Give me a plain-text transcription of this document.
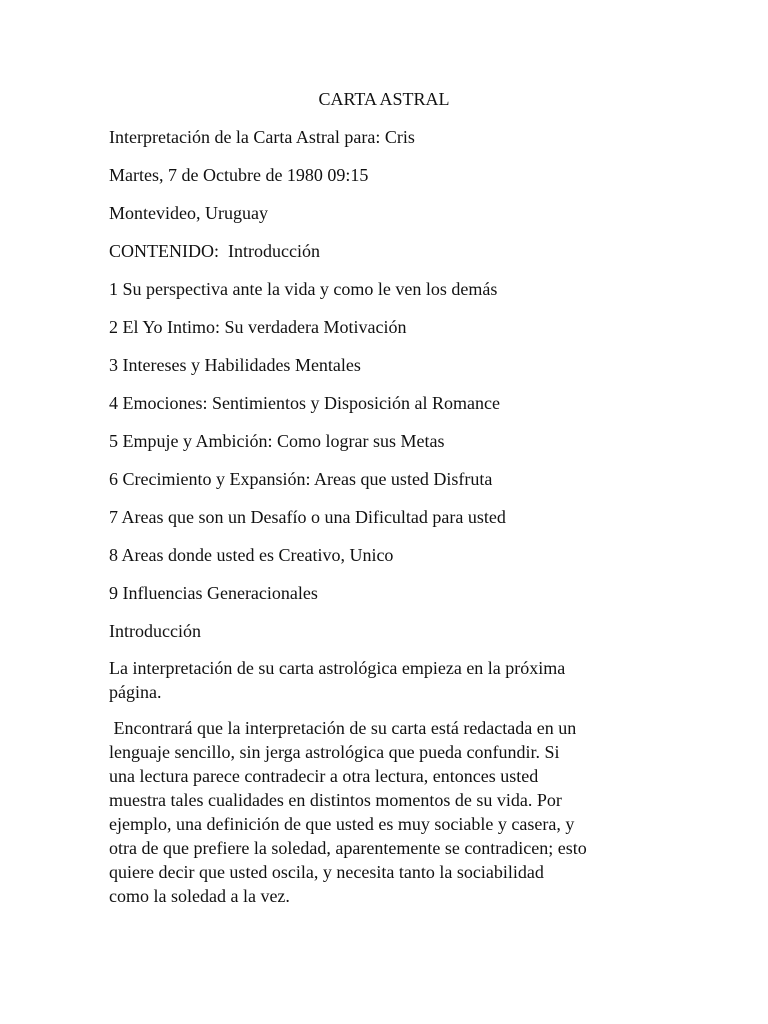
CARTA ASTRAL
Interpretación de la Carta Astral para: Cris
Martes, 7 de Octubre de 1980 09:15
Montevideo, Uruguay
CONTENIDO:  Introducción
1 Su perspectiva ante la vida y como le ven los demás
2 El Yo Intimo: Su verdadera Motivación
3 Intereses y Habilidades Mentales
4 Emociones: Sentimientos y Disposición al Romance
5 Empuje y Ambición: Como lograr sus Metas
6 Crecimiento y Expansión: Areas que usted Disfruta
7 Areas que son un Desafío o una Dificultad para usted
8 Areas donde usted es Creativo, Unico
9 Influencias Generacionales
Introducción
La interpretación de su carta astrológica empieza en la próxima
página.
Encontrará que la interpretación de su carta está redactada en un
lenguaje sencillo, sin jerga astrológica que pueda confundir. Si
una lectura parece contradecir a otra lectura, entonces usted
muestra tales cualidades en distintos momentos de su vida. Por
ejemplo, una definición de que usted es muy sociable y casera, y
otra de que prefiere la soledad, aparentemente se contradicen; esto
quiere decir que usted oscila, y necesita tanto la sociabilidad
como la soledad a la vez.
